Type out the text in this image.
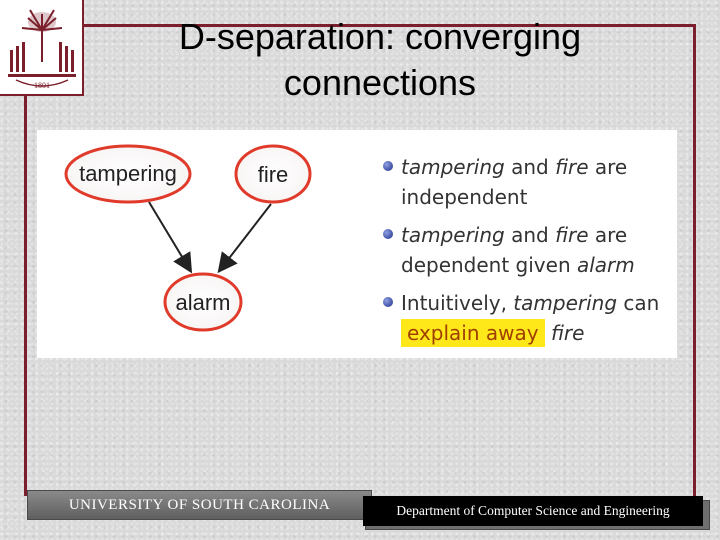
1801
D-separation: converging connections
tampering	fire
alarm
tampering and fire are independent
tampering and fire are dependent given alarm
Intuitively, tampering can explain away fire
UNIVERSITY OF SOUTH CAROLINA	Department of Computer Science and Engineering
